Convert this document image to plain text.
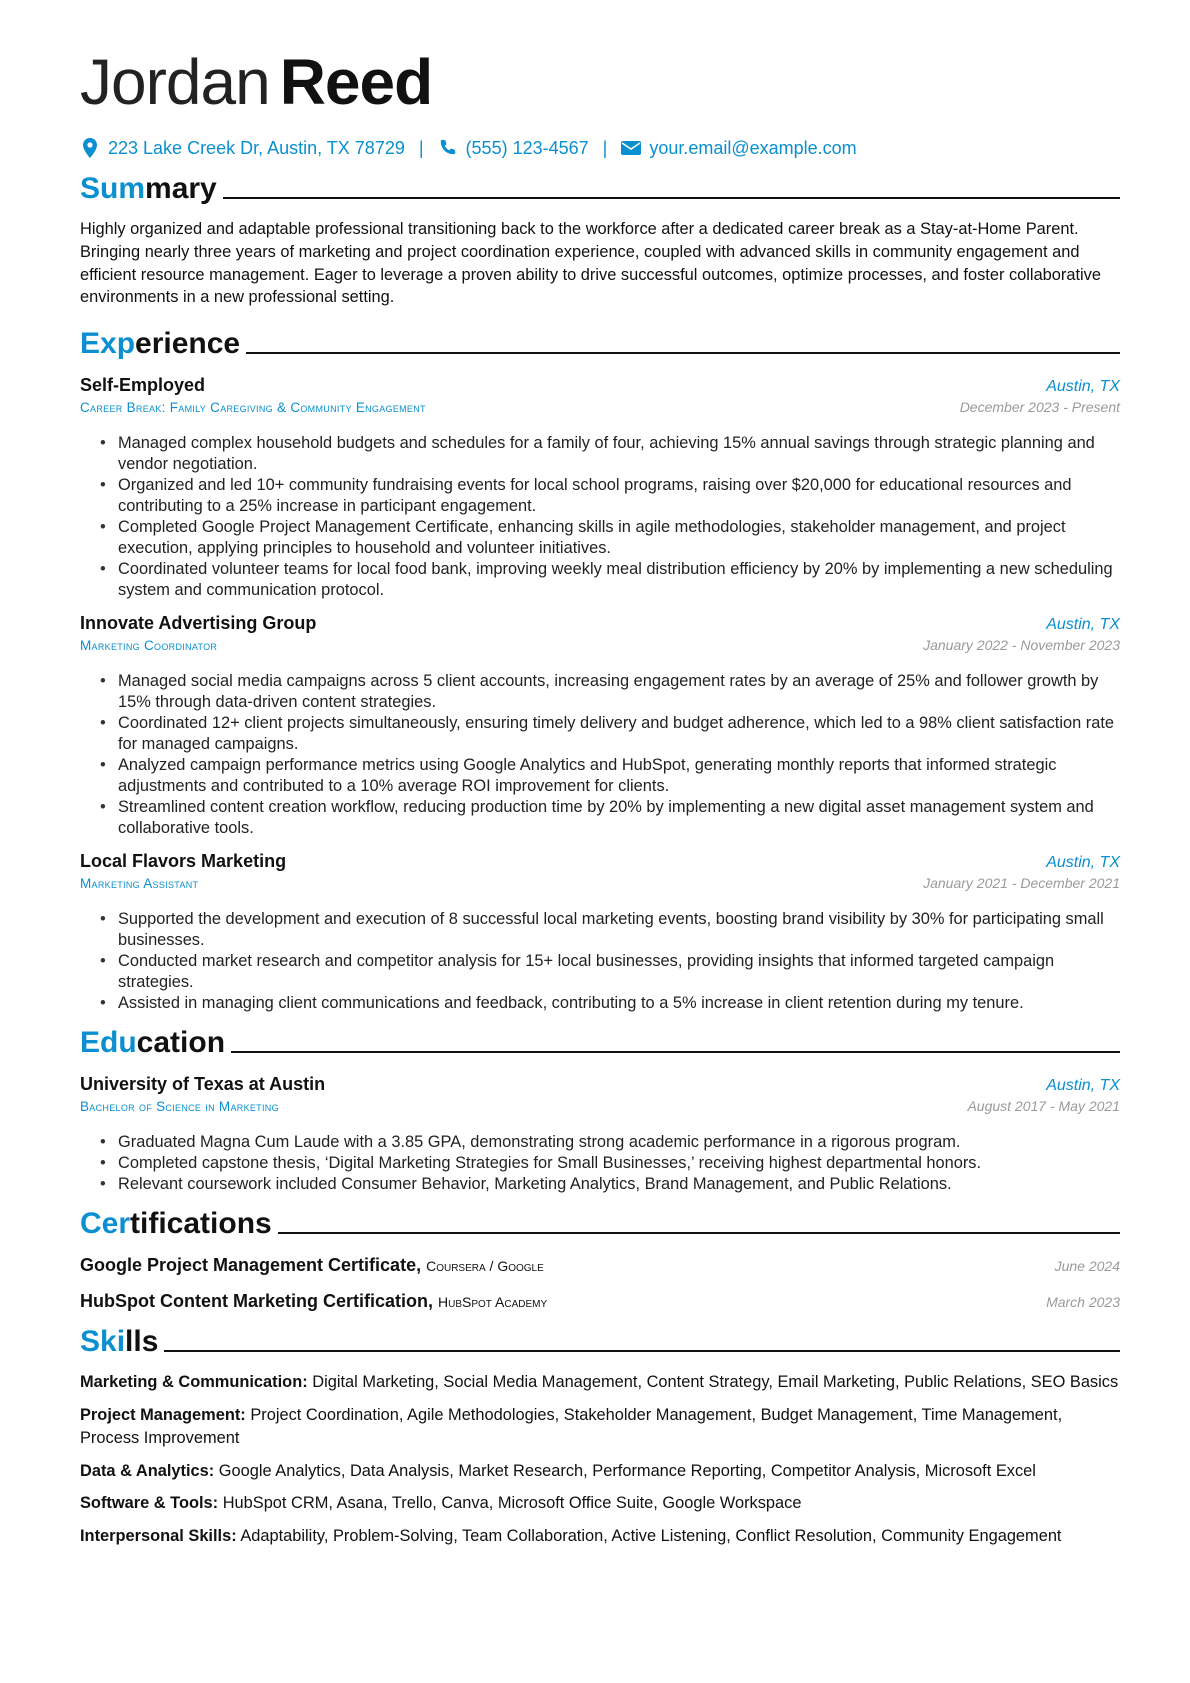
Jordan Reed
223 Lake Creek Dr, Austin, TX 78729 | (555) 123-4567 | your.email@example.com
Summary
Highly organized and adaptable professional transitioning back to the workforce after a dedicated career break as a Stay-at-Home Parent. Bringing nearly three years of marketing and project coordination experience, coupled with advanced skills in community engagement and efficient resource management. Eager to leverage a proven ability to drive successful outcomes, optimize processes, and foster collaborative environments in a new professional setting.
Experience
Self-Employed	Austin, TX
Career Break: Family Caregiving & Community Engagement	December 2023 - Present
• Managed complex household budgets and schedules for a family of four, achieving 15% annual savings through strategic planning and vendor negotiation.
• Organized and led 10+ community fundraising events for local school programs, raising over $20,000 for educational resources and contributing to a 25% increase in participant engagement.
• Completed Google Project Management Certificate, enhancing skills in agile methodologies, stakeholder management, and project execution, applying principles to household and volunteer initiatives.
• Coordinated volunteer teams for local food bank, improving weekly meal distribution efficiency by 20% by implementing a new scheduling system and communication protocol.
Innovate Advertising Group	Austin, TX
Marketing Coordinator	January 2022 - November 2023
• Managed social media campaigns across 5 client accounts, increasing engagement rates by an average of 25% and follower growth by 15% through data-driven content strategies.
• Coordinated 12+ client projects simultaneously, ensuring timely delivery and budget adherence, which led to a 98% client satisfaction rate for managed campaigns.
• Analyzed campaign performance metrics using Google Analytics and HubSpot, generating monthly reports that informed strategic adjustments and contributed to a 10% average ROI improvement for clients.
• Streamlined content creation workflow, reducing production time by 20% by implementing a new digital asset management system and collaborative tools.
Local Flavors Marketing	Austin, TX
Marketing Assistant	January 2021 - December 2021
• Supported the development and execution of 8 successful local marketing events, boosting brand visibility by 30% for participating small businesses.
• Conducted market research and competitor analysis for 15+ local businesses, providing insights that informed targeted campaign strategies.
• Assisted in managing client communications and feedback, contributing to a 5% increase in client retention during my tenure.
Education
University of Texas at Austin	Austin, TX
Bachelor of Science in Marketing	August 2017 - May 2021
• Graduated Magna Cum Laude with a 3.85 GPA, demonstrating strong academic performance in a rigorous program.
• Completed capstone thesis, ‘Digital Marketing Strategies for Small Businesses,’ receiving highest departmental honors.
• Relevant coursework included Consumer Behavior, Marketing Analytics, Brand Management, and Public Relations.
Certifications
Google Project Management Certificate, Coursera / Google	June 2024
HubSpot Content Marketing Certification, HubSpot Academy	March 2023
Skills
Marketing & Communication: Digital Marketing, Social Media Management, Content Strategy, Email Marketing, Public Relations, SEO Basics
Project Management: Project Coordination, Agile Methodologies, Stakeholder Management, Budget Management, Time Management, Process Improvement
Data & Analytics: Google Analytics, Data Analysis, Market Research, Performance Reporting, Competitor Analysis, Microsoft Excel
Software & Tools: HubSpot CRM, Asana, Trello, Canva, Microsoft Office Suite, Google Workspace
Interpersonal Skills: Adaptability, Problem-Solving, Team Collaboration, Active Listening, Conflict Resolution, Community Engagement
